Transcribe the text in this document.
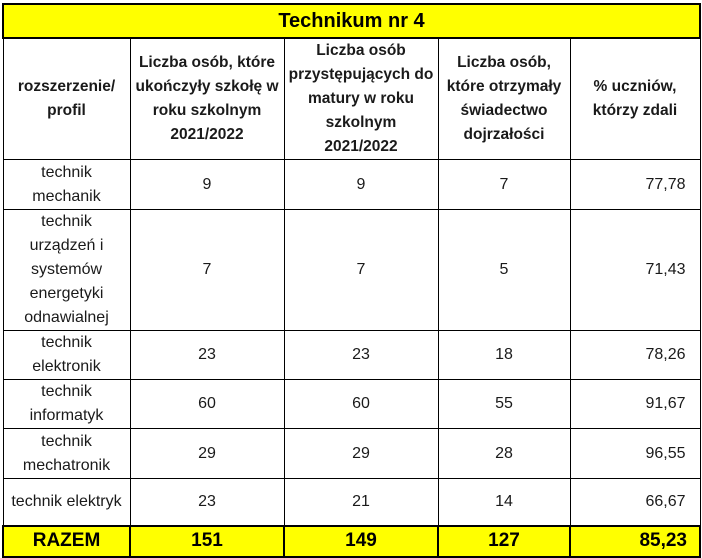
Technikum nr 4				
rozszerzenie/ profil	Liczba osób, które ukończyły szkołę w roku szkolnym 2021/2022	Liczba osób przystępujących do matury w roku szkolnym 2021/2022	Liczba osób, które otrzymały świadectwo dojrzałości	% uczniów, którzy zdali
technik mechanik	9	9	7	77,78
technik urządzeń i systemów energetyki odnawialnej	7	7	5	71,43
technik elektronik	23	23	18	78,26
technik informatyk	60	60	55	91,67
technik mechatronik	29	29	28	96,55
technik elektryk	23	21	14	66,67
RAZEM	151	149	127	85,23
